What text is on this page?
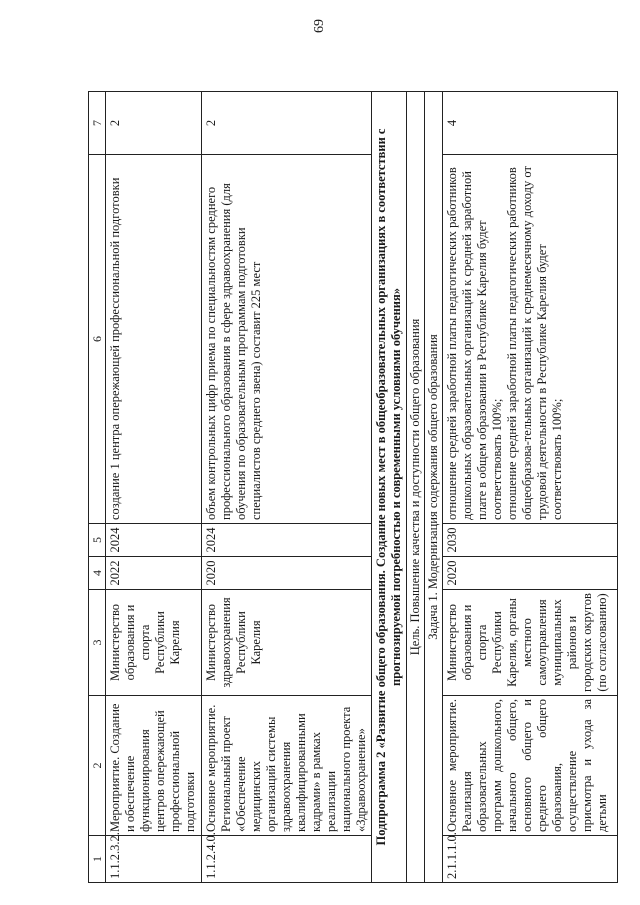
69
1	2	3	4	5	6	7
1.1.2.3.2.	Мероприятие. Создание и обеспечение функционирования центров опережающей профессиональной подготовки	Министерство образования и спорта Республики Карелия	2022	2024	создание 1 центра опережающей профессиональной подготовки	2
1.1.2.4.0.	Основное мероприятие. Региональный проект «Обеспечение медицинских организаций системы здравоохранения квалифицированными кадрами» в рамках реализации национального проекта «Здравоохранение»	Министерство здравоохранения Республики Карелия	2020	2024	объем контрольных цифр приема по специальностям среднего профессионального образования в сфере здравоохранения (для обучения по образовательным программам подготовки специалистов среднего звена) составит 225 мест	2
Подпрограмма 2 «Развитие общего образования. Создание новых мест в общеобразовательных организациях в соответствии с прогнозируемой потребностью и современными условиями обучения»						
Цель. Повышение качества и доступности общего образования						
Задача 1. Модернизация содержания общего образования						
2.1.1.1.0.	Основное мероприятие. Реализация образовательных программ дошкольного, начального общего, основного общего и среднего общего образования, осуществление присмотра и ухода за детьми	Министерство образования и спорта Республики Карелия, органы местного самоуправления муниципальных районов и городских округов (по согласованию)	2020	2030	отношение средней заработной платы педагогических работников дошкольных образовательных организаций к средней заработной плате в общем образовании в Республике Карелия будет соответствовать 100%; отношение средней заработной платы педагогических работников общеобразова-тельных организаций к среднемесячному доходу от трудовой деятельности в Республике Карелия будет соответствовать 100%;	4
